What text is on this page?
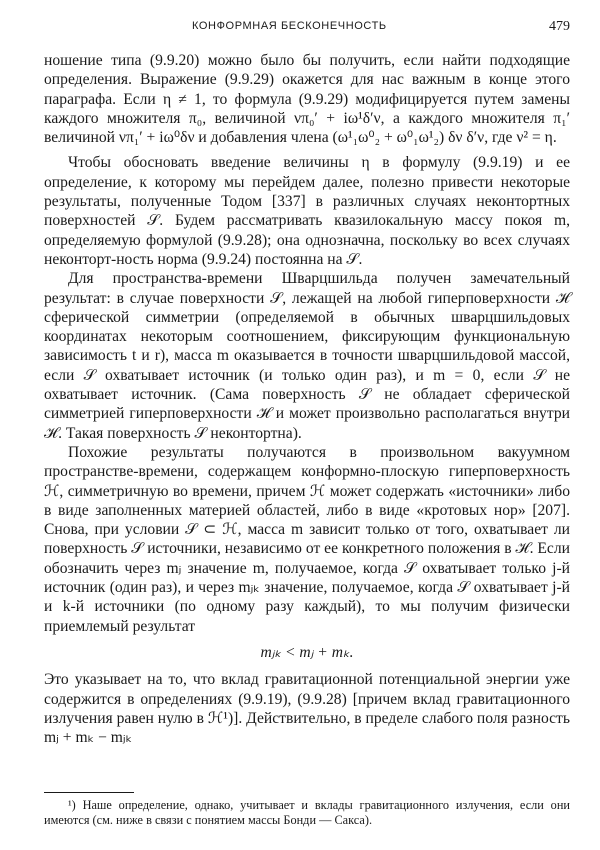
КОНФОРМНАЯ БЕСКОНЕЧНОСТЬ	479

ношение типа (9.9.20) можно было бы получить, если найти подходящие определения. Выражение (9.9.29) окажется для нас важным в конце этого параграфа. Если η ≠ 1, то формула (9.9.29) модифицируется путем замены каждого множителя π₀, величиной νπ₀′ + iω¹δ′ν, а каждого множителя π₁′ величиной νπ₁′ + iω⁰δν и добавления члена (ω¹₁ω⁰₂ + ω⁰₁ω¹₂) δν δ′ν, где ν² = η.

Чтобы обосновать введение величины η в формулу (9.9.19) и ее определение, к которому мы перейдем далее, полезно привести некоторые результаты, полученные Тодом [337] в различных случаях неконтортных поверхностей 𝒮. Будем рассматривать квазилокальную массу покоя m, определяемую формулой (9.9.28); она однозначна, поскольку во всех случаях неконторт-ность норма (9.9.24) постоянна на 𝒮.

Для пространства-времени Шварцшильда получен замечательный результат: в случае поверхности 𝒮, лежащей на любой гиперповерхности ℋ сферической симметрии (определяемой в обычных шварцшильдовых координатах некоторым соотношением, фиксирующим функциональную зависимость t и r), масса m оказывается в точности шварцшильдовой массой, если 𝒮 охватывает источник (и только один раз), и m = 0, если 𝒮 не охватывает источник. (Сама поверхность 𝒮 не обладает сферической симметрией гиперповерхности ℋ и может произвольно располагаться внутри ℋ. Такая поверхность 𝒮 неконтортна).

Похожие результаты получаются в произвольном вакуумном пространстве-времени, содержащем конформно-плоскую гиперповерхность ℋ, симметричную во времени, причем ℋ может содержать «источники» либо в виде заполненных материей областей, либо в виде «кротовых нор» [207]. Снова, при условии 𝒮 ⊂ ℋ, масса m зависит только от того, охватывает ли поверхность 𝒮 источники, независимо от ее конкретного положения в ℋ. Если обозначить через mⱼ значение m, получаемое, когда 𝒮 охватывает только j-й источник (один раз), и через mⱼₖ значение, получаемое, когда 𝒮 охватывает j-й и k-й источники (по одному разу каждый), то мы получим физически приемлемый результат

mⱼₖ < mⱼ + mₖ.

Это указывает на то, что вклад гравитационной потенциальной энергии уже содержится в определениях (9.9.19), (9.9.28) [причем вклад гравитационного излучения равен нулю в ℋ¹)]. Действительно, в пределе слабого поля разность mⱼ + mₖ − mⱼₖ

¹) Наше определение, однако, учитывает и вклады гравитационного излучения, если они имеются (см. ниже в связи с понятием массы Бонди — Сакса).
